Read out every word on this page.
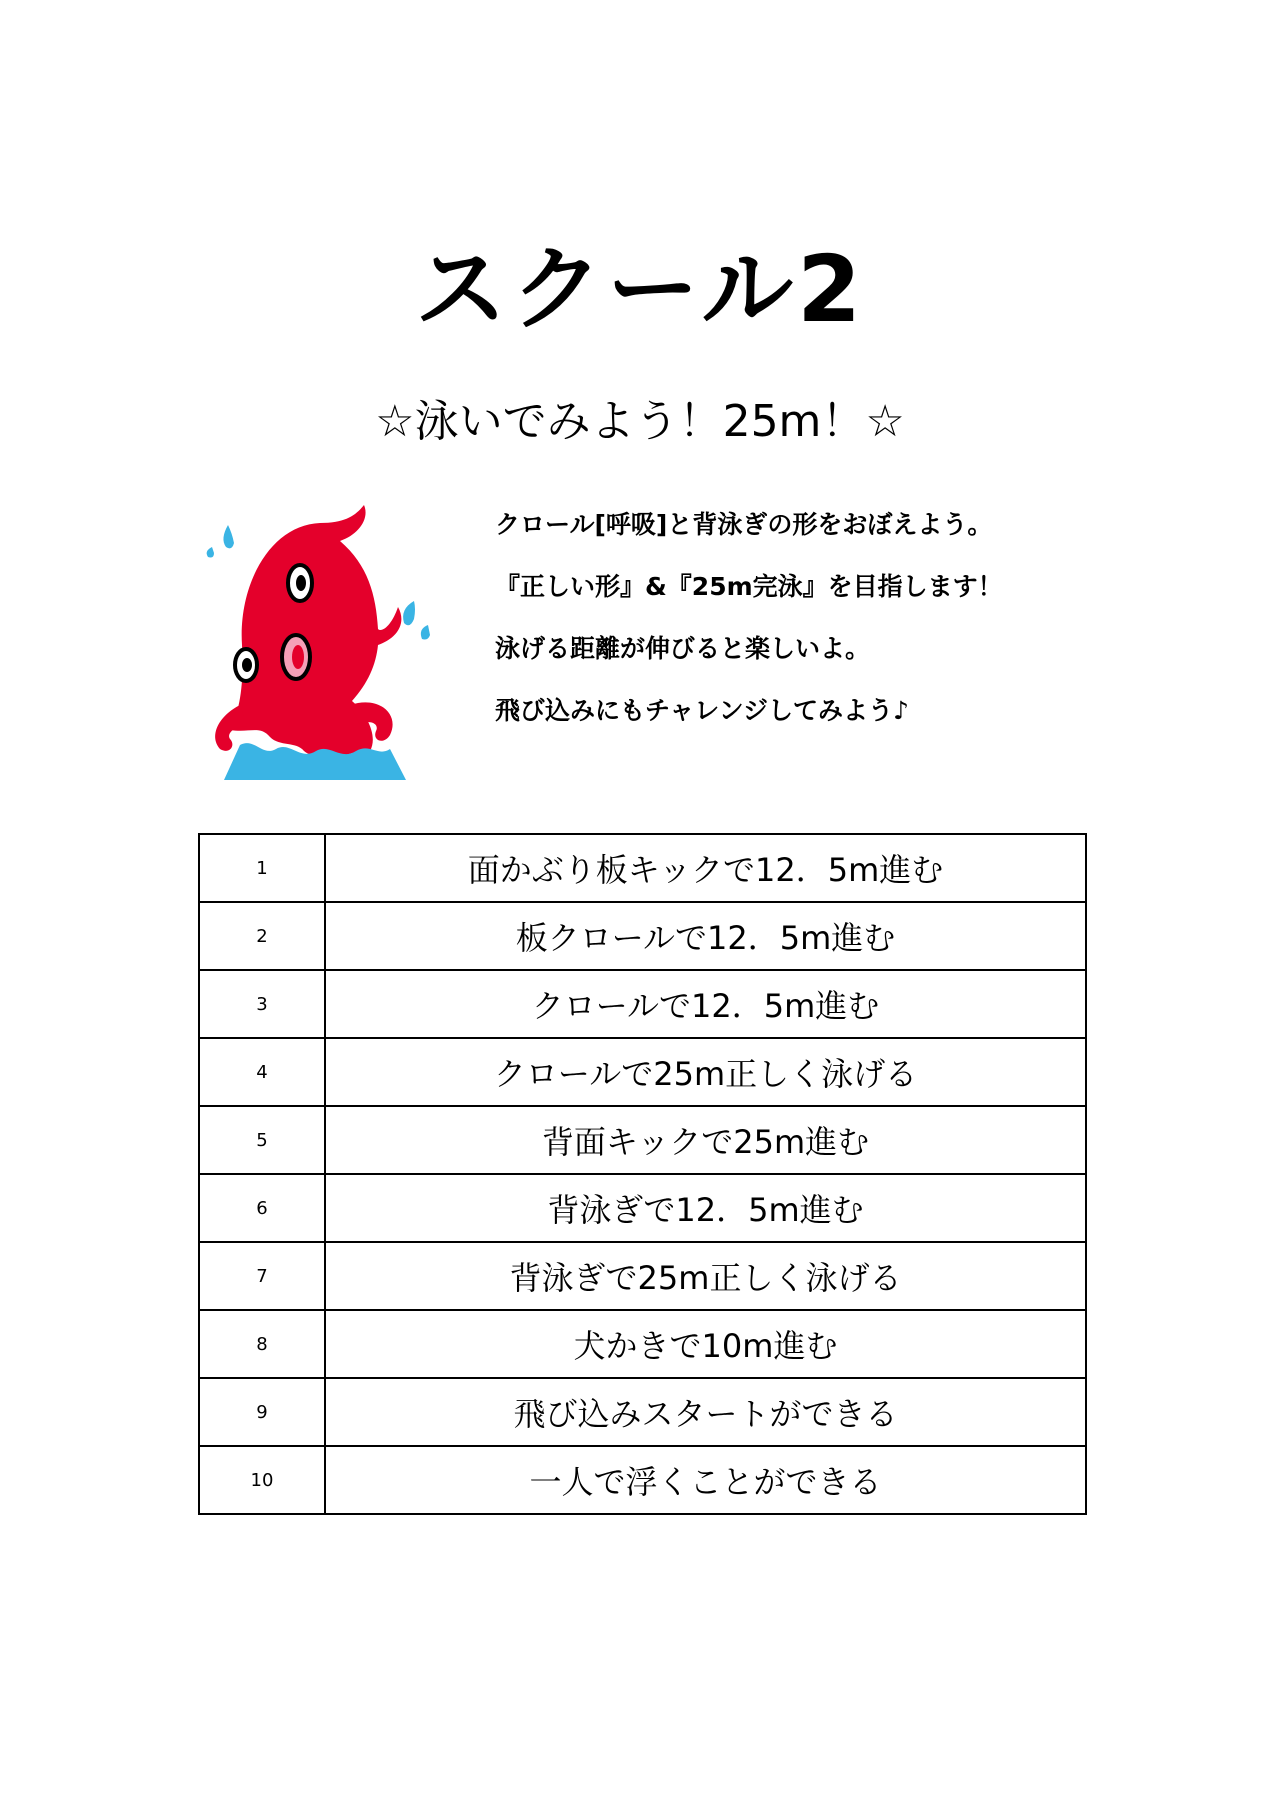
スクール2
☆泳いでみよう！25m！☆
クロール[呼吸]と背泳ぎの形をおぼえよう。
『正しい形』&『25m完泳』を目指します！
泳げる距離が伸びると楽しいよ。
飛び込みにもチャレンジしてみよう♪
1	面かぶり板キックで12．5m進む
2	板クロールで12．5m進む
3	クロールで12．5m進む
4	クロールで25m正しく泳げる
5	背面キックで25m進む
6	背泳ぎで12．5m進む
7	背泳ぎで25m正しく泳げる
8	犬かきで10m進む
9	飛び込みスタートができる
10	一人で浮くことができる
